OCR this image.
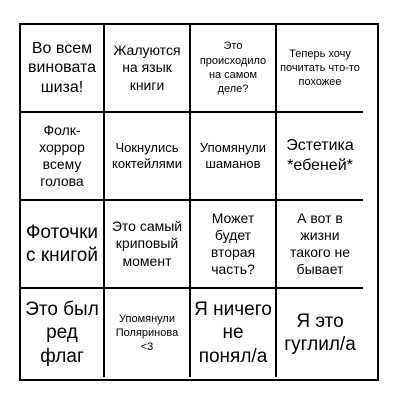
Во всем виновата шиза!
Жалуются на язык книги
Это происходило на самом деле?
Теперь хочу почитать что-то похожее
Фолк-хоррор всему голова
Чокнулись коктейлями
Упомянули шаманов
Эстетика *ебеней*
Фоточки с книгой
Это самый криповый момент
Может будет вторая часть?
А вот в жизни такого не бывает
Это был ред флаг
Упомянули Поляринова <3
Я ничего не понял/а
Я это гуглил/а
